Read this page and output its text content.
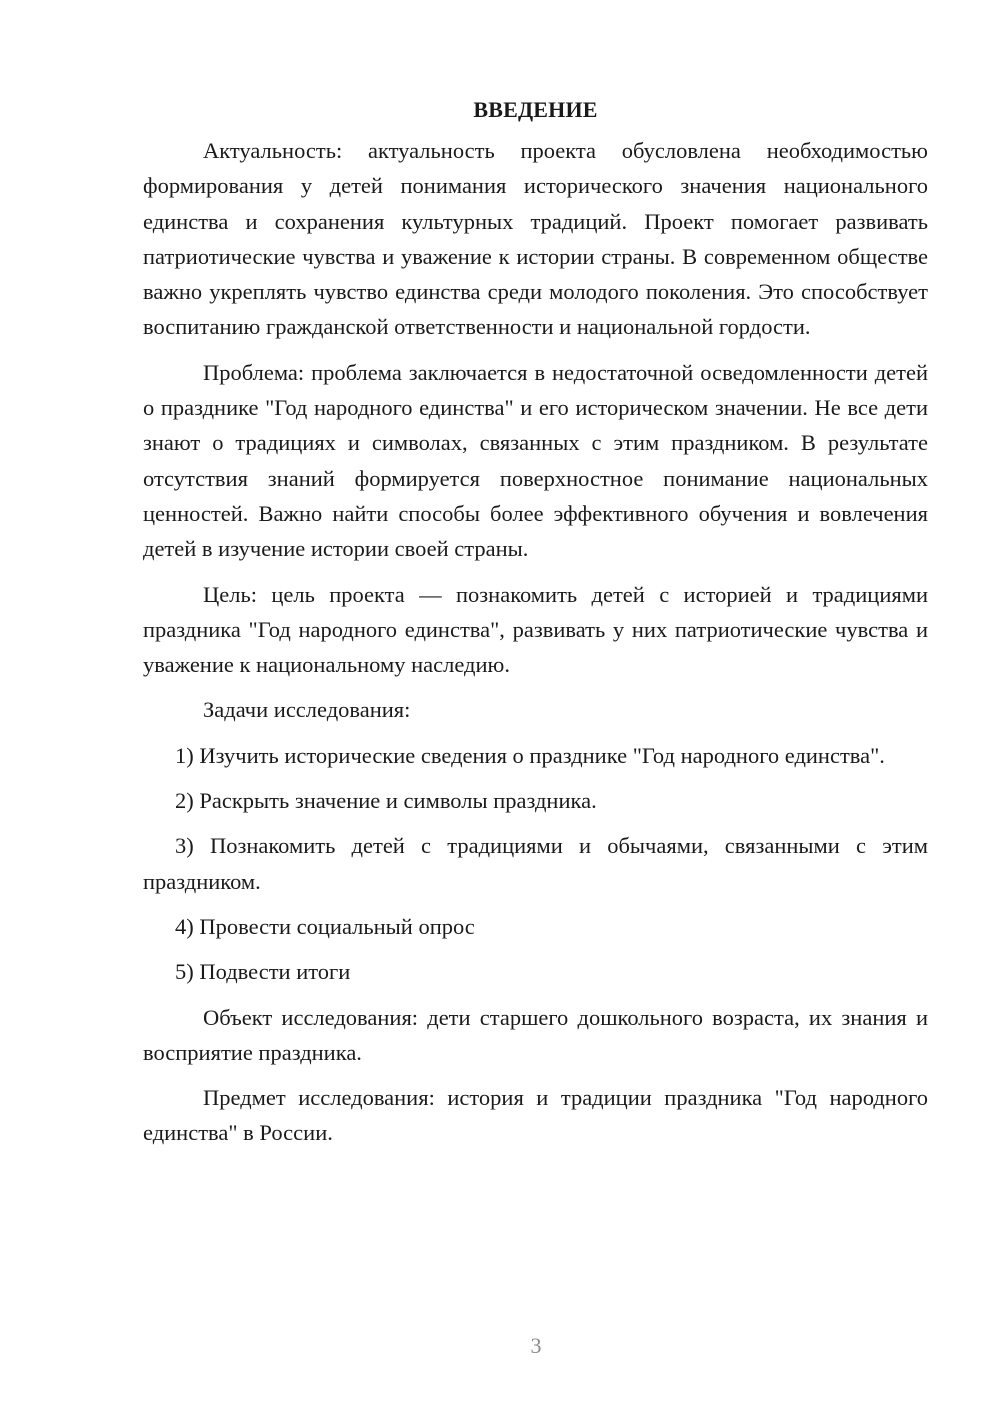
ВВЕДЕНИЕ

Актуальность: актуальность проекта обусловлена необходимостью формирования у детей понимания исторического значения национального единства и сохранения культурных традиций. Проект помогает развивать патриотические чувства и уважение к истории страны. В современном обществе важно укреплять чувство единства среди молодого поколения. Это способствует воспитанию гражданской ответственности и национальной гордости.

Проблема: проблема заключается в недостаточной осведомленности детей о празднике "Год народного единства" и его историческом значении. Не все дети знают о традициях и символах, связанных с этим праздником. В результате отсутствия знаний формируется поверхностное понимание национальных ценностей. Важно найти способы более эффективного обучения и вовлечения детей в изучение истории своей страны.

Цель: цель проекта — познакомить детей с историей и традициями праздника "Год народного единства", развивать у них патриотические чувства и уважение к национальному наследию.

Задачи исследования:

1) Изучить исторические сведения о празднике "Год народного единства".

2) Раскрыть значение и символы праздника.

3) Познакомить детей с традициями и обычаями, связанными с этим праздником.

4) Провести социальный опрос

5) Подвести итоги

Объект исследования: дети старшего дошкольного возраста, их знания и восприятие праздника.

Предмет исследования: история и традиции праздника "Год народного единства" в России.

3
